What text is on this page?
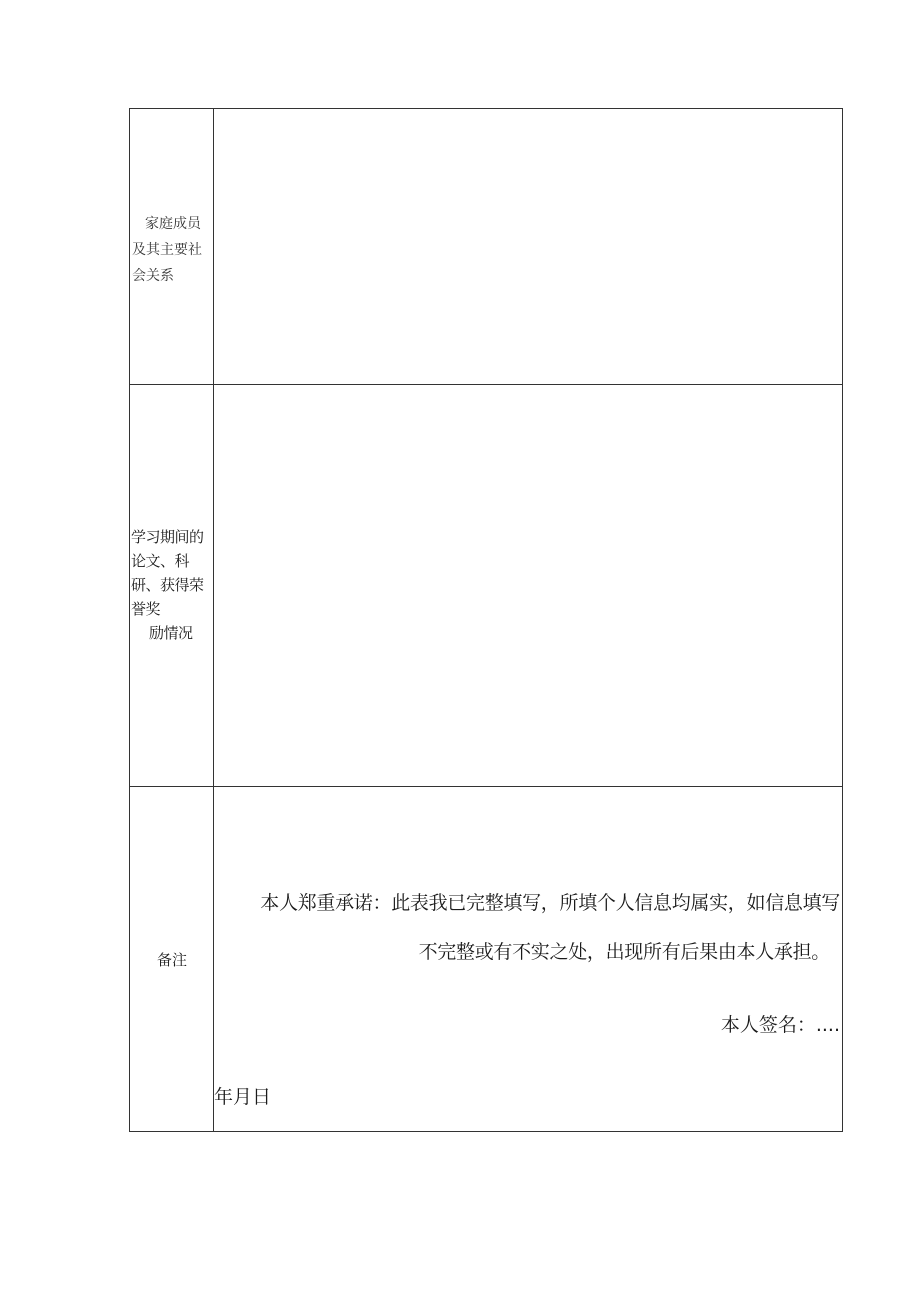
家庭成员
及其主要社
会关系
学习期间的
论文、科
研、获得荣
誉奖
励情况
备注
本人郑重承诺：此表我已完整填写，所填个人信息均属实，如信息填写
不完整或有不实之处，出现所有后果由本人承担。
本人签名：....
年月日
